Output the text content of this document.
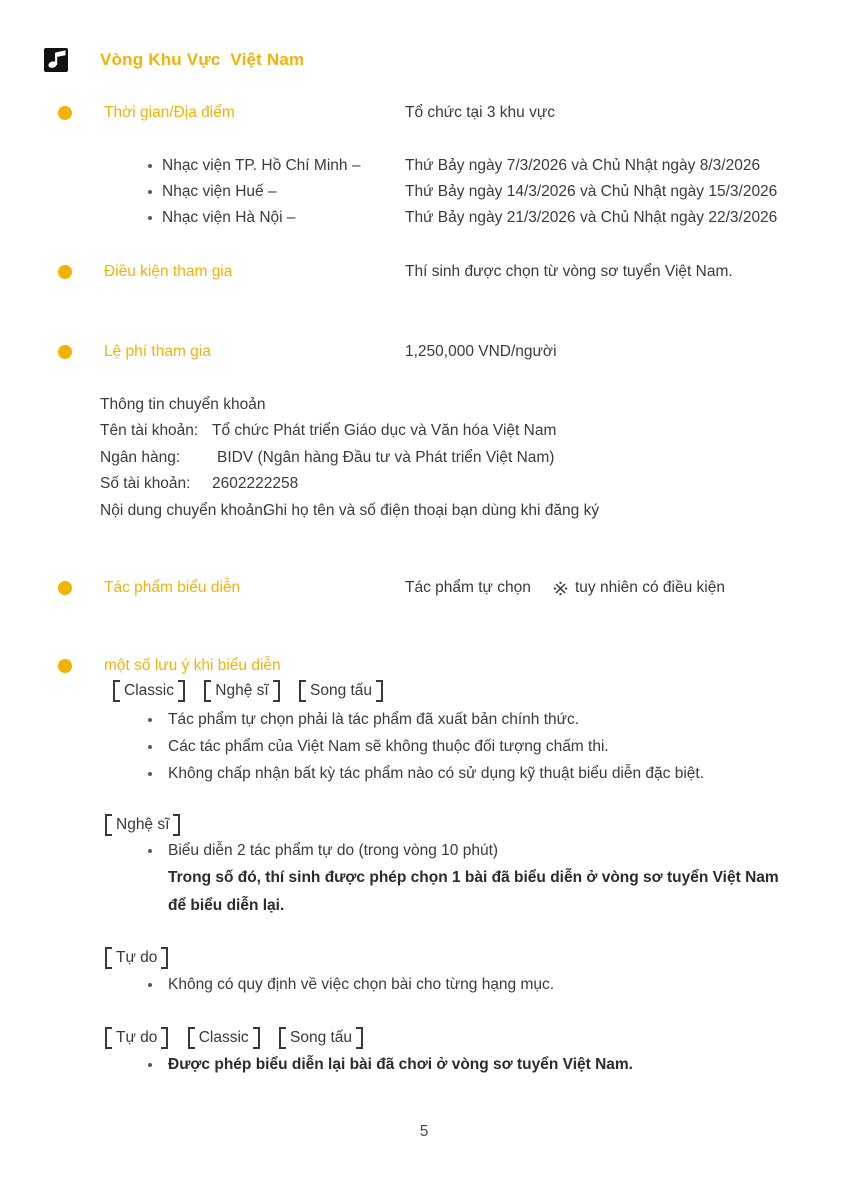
Vòng Khu Vực  Việt Nam
Thời gian/Địa điểm	Tổ chức tại 3 khu vực
Nhạc viện TP. Hồ Chí Minh –	Thứ Bảy ngày 7/3/2026 và Chủ Nhật ngày 8/3/2026
Nhạc viện Huế –	Thứ Bảy ngày 14/3/2026 và Chủ Nhật ngày 15/3/2026
Nhạc viện Hà Nội –	Thứ Bảy ngày 21/3/2026 và Chủ Nhật ngày 22/3/2026
Điều kiện tham gia	Thí sinh được chọn từ vòng sơ tuyển Việt Nam.
Lệ phí tham gia	1,250,000 VND/người
Thông tin chuyển khoản
Tên tài khoản: Tổ chức Phát triển Giáo dục và Văn hóa Việt Nam
Ngân hàng: BIDV (Ngân hàng Đầu tư và Phát triển Việt Nam)
Số tài khoản: 2602222258
Nội dung chuyển khoản:
Ghi họ tên và số điện thoại bạn dùng khi đăng ký
Tác phẩm biểu diễn	Tác phẩm tự chọn	tuy nhiên có điều kiện
một số lưu ý khi biểu diễn
Classic	Nghệ sĩ	Song tấu
Tác phẩm tự chọn phải là tác phẩm đã xuất bản chính thức.
Các tác phẩm của Việt Nam sẽ không thuộc đối tượng chấm thi.
Không chấp nhận bất kỳ tác phẩm nào có sử dụng kỹ thuật biểu diễn đặc biệt.
Nghệ sĩ
Biểu diễn 2 tác phẩm tự do (trong vòng 10 phút)
Trong số đó, thí sinh được phép chọn 1 bài đã biểu diễn ở vòng sơ tuyển Việt Nam
để biểu diễn lại.
Tự do
Không có quy định về việc chọn bài cho từng hạng mục.
Tự do	Classic	Song tấu
Được phép biểu diễn lại bài đã chơi ở vòng sơ tuyển Việt Nam.
5
